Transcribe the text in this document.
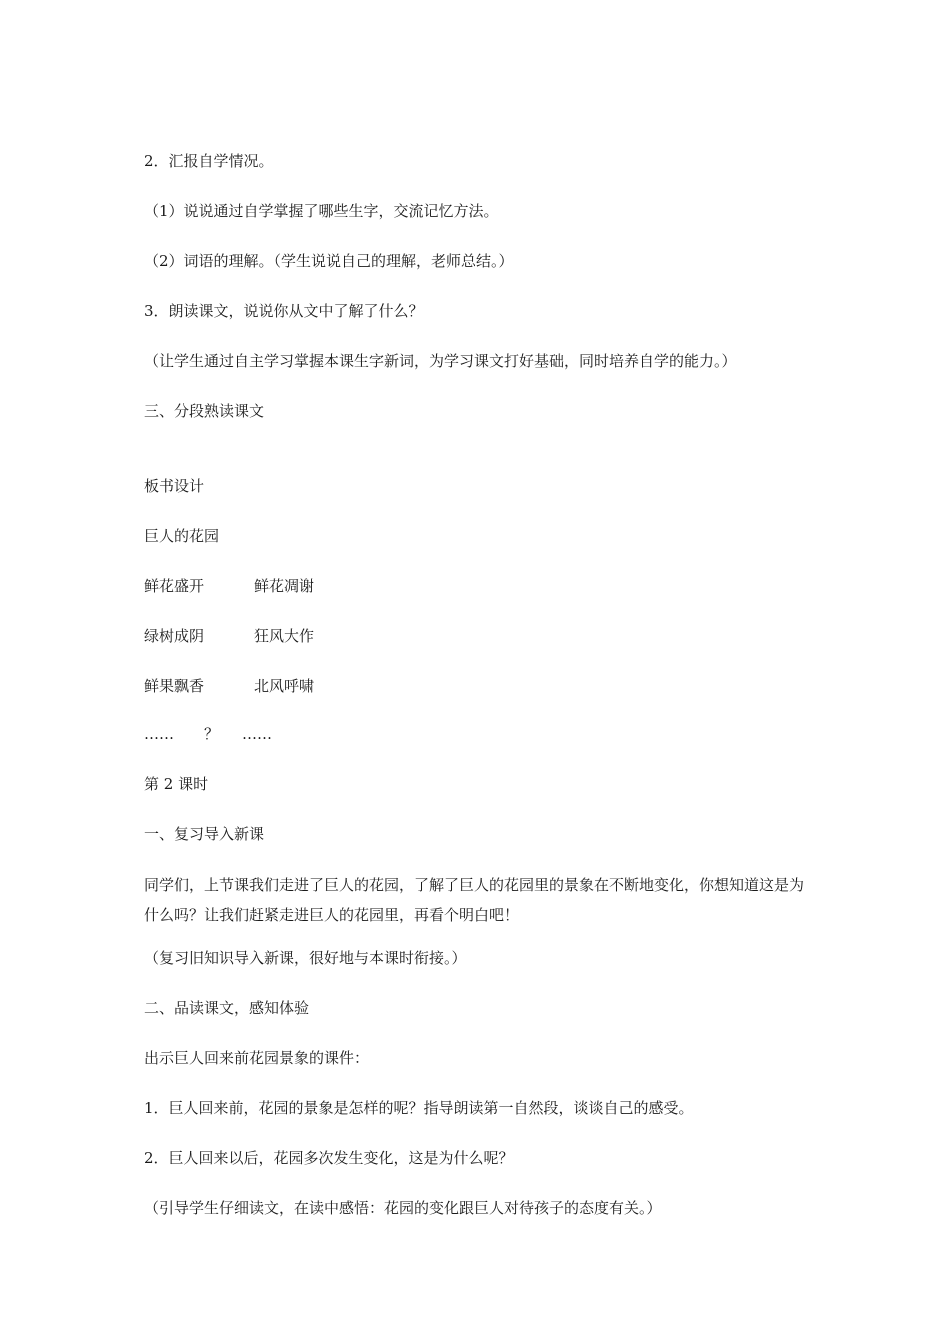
2．汇报自学情况。
（1）说说通过自学掌握了哪些生字，交流记忆方法。
（2）词语的理解。（学生说说自己的理解，老师总结。）
3．朗读课文，说说你从文中了解了什么？
（让学生通过自主学习掌握本课生字新词，为学习课文打好基础，同时培养自学的能力。）
三、分段熟读课文
板书设计
巨人的花园
鲜花盛开	鲜花凋谢
绿树成阴	狂风大作
鲜果飘香	北风呼啸
…… ？ ……
第 2 课时
一、复习导入新课
同学们，上节课我们走进了巨人的花园，了解了巨人的花园里的景象在不断地变化，你想知道这是为什么吗？让我们赶紧走进巨人的花园里，再看个明白吧！
（复习旧知识导入新课，很好地与本课时衔接。）
二、品读课文，感知体验
出示巨人回来前花园景象的课件：
1．巨人回来前，花园的景象是怎样的呢？指导朗读第一自然段，谈谈自己的感受。
2．巨人回来以后，花园多次发生变化，这是为什么呢？
（引导学生仔细读文，在读中感悟：花园的变化跟巨人对待孩子的态度有关。）
